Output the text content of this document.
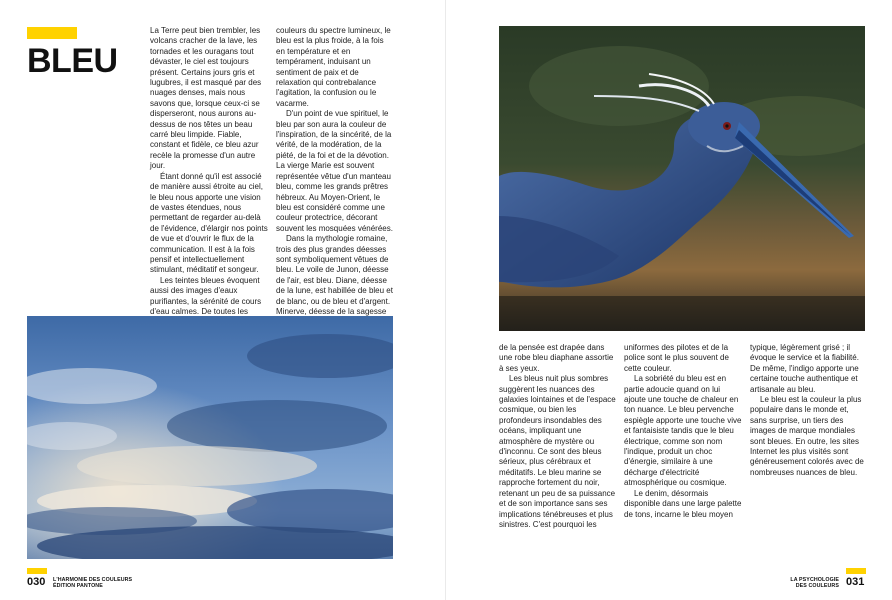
BLEU

La Terre peut bien trembler, les volcans cracher de la lave, les tornades et les ouragans tout dévaster, le ciel est toujours présent. Certains jours gris et lugubres, il est masqué par des nuages denses, mais nous savons que, lorsque ceux-ci se disperseront, nous aurons au-dessus de nos têtes un beau carré bleu limpide. Fiable, constant et fidèle, ce bleu azur recèle la promesse d'un autre jour.

Étant donné qu'il est associé de manière aussi étroite au ciel, le bleu nous apporte une vision de vastes étendues, nous permettant de regarder au-delà de l'évidence, d'élargir nos points de vue et d'ouvrir le flux de la communication. Il est à la fois pensif et intellectuellement stimulant, méditatif et songeur.

Les teintes bleues évoquent aussi des images d'eaux purifiantes, la sérénité de cours d'eau calmes. De toutes les

couleurs du spectre lumineux, le bleu est la plus froide, à la fois en température et en tempérament, induisant un sentiment de paix et de relaxation qui contrebalance l'agitation, la confusion ou le vacarme.

D'un point de vue spirituel, le bleu par son aura la couleur de l'inspiration, de la sincérité, de la vérité, de la modération, de la piété, de la foi et de la dévotion. La vierge Marie est souvent représentée vêtue d'un manteau bleu, comme les grands prêtres hébreux. Au Moyen-Orient, le bleu est considéré comme une couleur protectrice, décorant souvent les mosquées vénérées.

Dans la mythologie romaine, trois des plus grandes déesses sont symboliquement vêtues de bleu. Le voile de Junon, déesse de l'air, est bleu. Diane, déesse de la lune, est habillée de bleu et de blanc, ou de bleu et d'argent. Minerve, déesse de la sagesse

030 L'HARMONIE DES COULEURS
ÉDITION PANTONE

de la pensée est drapée dans une robe bleu diaphane assortie à ses yeux.

Les bleus nuit plus sombres suggèrent les nuances des galaxies lointaines et de l'espace cosmique, ou bien les profondeurs insondables des océans, impliquant une atmosphère de mystère ou d'inconnu. Ce sont des bleus sérieux, plus cérébraux et méditatifs. Le bleu marine se rapproche fortement du noir, retenant un peu de sa puissance et de son importance sans ses implications ténébreuses et plus sinistres. C'est pourquoi les

uniformes des pilotes et de la police sont le plus souvent de cette couleur.

La sobriété du bleu est en partie adoucie quand on lui ajoute une touche de chaleur en ton nuance. Le bleu pervenche espiègle apporte une touche vive et fantaisiste tandis que le bleu électrique, comme son nom l'indique, produit un choc d'énergie, similaire à une décharge d'électricité atmosphérique ou cosmique.

Le denim, désormais disponible dans une large palette de tons, incarne le bleu moyen

typique, légèrement grisé ; il évoque le service et la fiabilité. De même, l'indigo apporte une certaine touche authentique et artisanale au bleu.

Le bleu est la couleur la plus populaire dans le monde et, sans surprise, un tiers des images de marque mondiales sont bleues. En outre, les sites Internet les plus visités sont généreusement colorés avec de nombreuses nuances de bleu.

LA PSYCHOLOGIE
DES COULEURS 031
